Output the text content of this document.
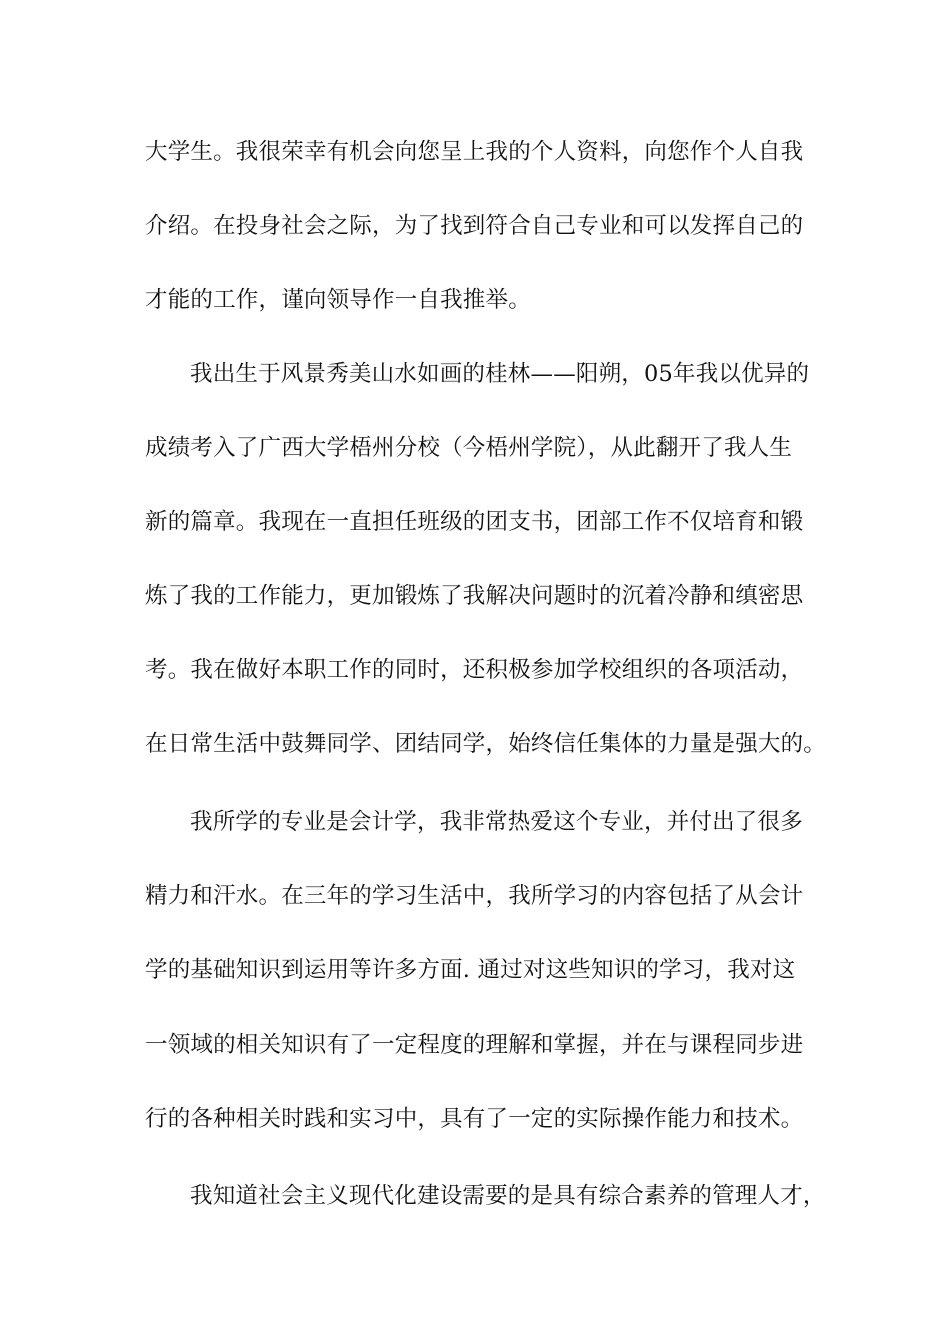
大学生。我很荣幸有机会向您呈上我的个人资料，向您作个人自我
介绍。在投身社会之际，为了找到符合自己专业和可以发挥自己的
才能的工作，谨向领导作一自我推举。
我出生于风景秀美山水如画的桂林——阳朔，05年我以优异的
成绩考入了广西大学梧州分校（今梧州学院），从此翻开了我人生
新的篇章。我现在一直担任班级的团支书，团部工作不仅培育和锻
炼了我的工作能力，更加锻炼了我解决问题时的沉着冷静和缜密思
考。我在做好本职工作的同时，还积极参加学校组织的各项活动，
在日常生活中鼓舞同学、团结同学，始终信任集体的力量是强大的。
我所学的专业是会计学，我非常热爱这个专业，并付出了很多
精力和汗水。在三年的学习生活中，我所学习的内容包括了从会计
学的基础知识到运用等许多方面. 通过对这些知识的学习，我对这
一领域的相关知识有了一定程度的理解和掌握，并在与课程同步进
行的各种相关时践和实习中，具有了一定的实际操作能力和技术。
我知道社会主义现代化建设需要的是具有综合素养的管理人才，
